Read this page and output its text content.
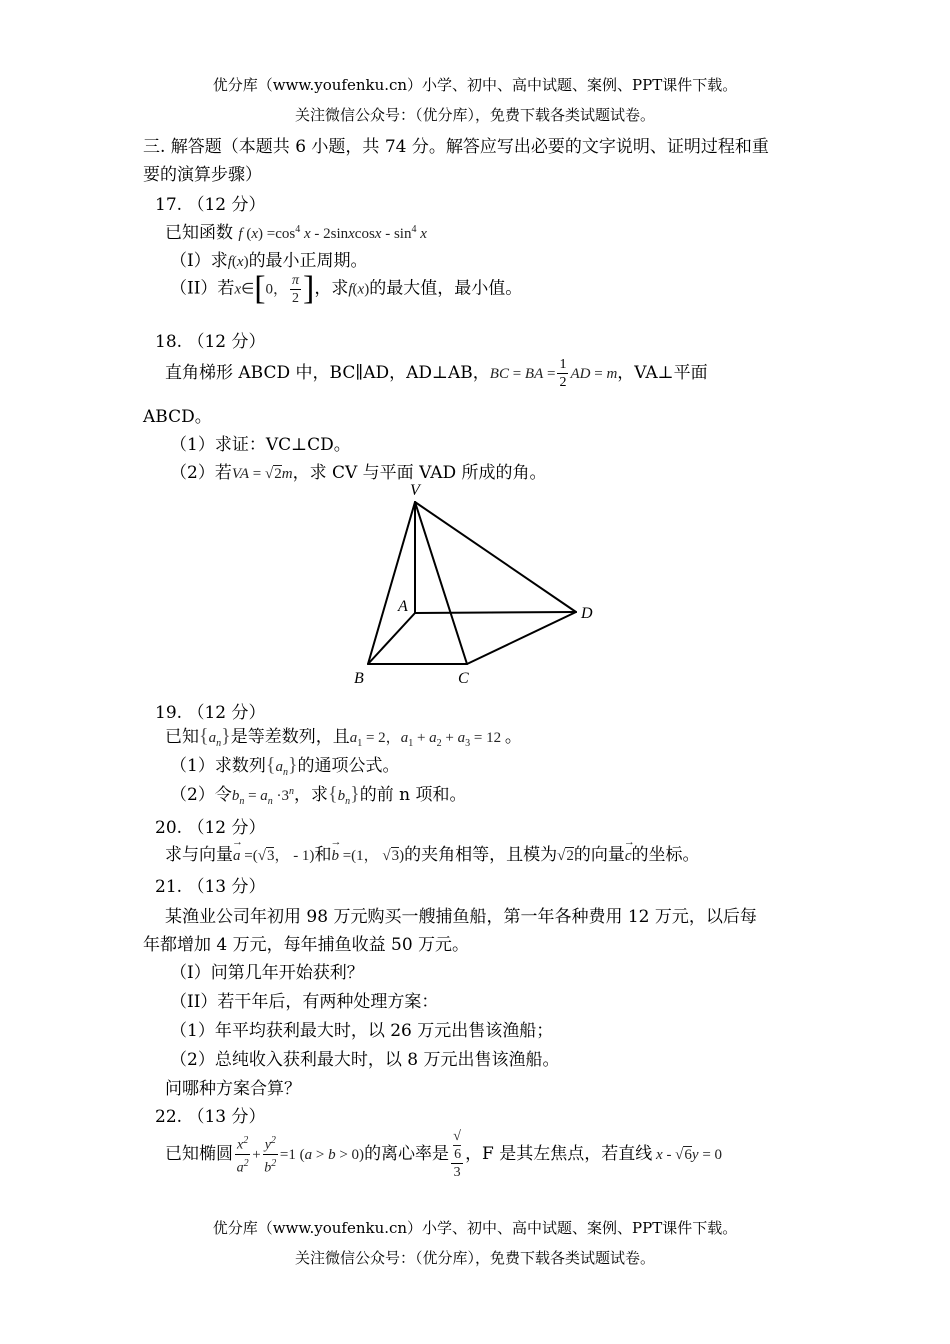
优分库（www.youfenku.cn）小学、初中、高中试题、案例、PPT课件下载。
关注微信公众号：（优分库），免费下载各类试题试卷。
三. 解答题（本题共 6 小题，共 74 分。解答应写出必要的文字说明、证明过程和重
要的演算步骤）
17. （12 分）
已知函数 f $(x) =\cos^4$ x - 2sinxcosx - $\sin^4 x$
（I）求f(x)的最小正周期。
（II）若x∈[0， $\frac{\pi}{2}$ ]，求f(x)的最大值，最小值。
18. （12 分）
直角梯形 ABCD 中，BC∥AD，AD⊥AB，BC = BA = $\frac{1}{2}$ AD = m，VA⊥平面
ABCD。
（1）求证：VC⊥CD。
（2）若VA = √2m，求 CV 与平面 VAD 所成的角。
V
A
B	C
D
19. （12 分）
已知$\{a_n\}$是等差数列，且$a_1 = 2$，$a_1 + a_2 + a_3 = 12$ 。
（1）求数列$\{a_n\}$的通项公式。
（2）令$b_n = a_n \cdot 3^n$，求$\{b_n\}$的前 n 项和。
20. （12 分）
求与向量→ a =(√3， - 1)和→ b =(1， √3)的夹角相等，且模为√2的向量→ c的坐标。
21. （13 分）
某渔业公司年初用 98 万元购买一艘捕鱼船，第一年各种费用 12 万元，以后每
年都增加 4 万元，每年捕鱼收益 50 万元。
（I）问第几年开始获利？
（II）若干年后，有两种处理方案：
（1）年平均获利最大时，以 26 万元出售该渔船；
（2）总纯收入获利最大时，以 8 万元出售该渔船。
问哪种方案合算？
22. （13 分）
已知椭圆 $\frac{x^2}{a^2} + \frac{y^2}{b^2} =1$ (a > b > 0)的离心率是 √
6
3 ，F 是其左焦点，若直线 x - √6y = 0
优分库（www.youfenku.cn）小学、初中、高中试题、案例、PPT课件下载。
关注微信公众号：（优分库），免费下载各类试题试卷。
